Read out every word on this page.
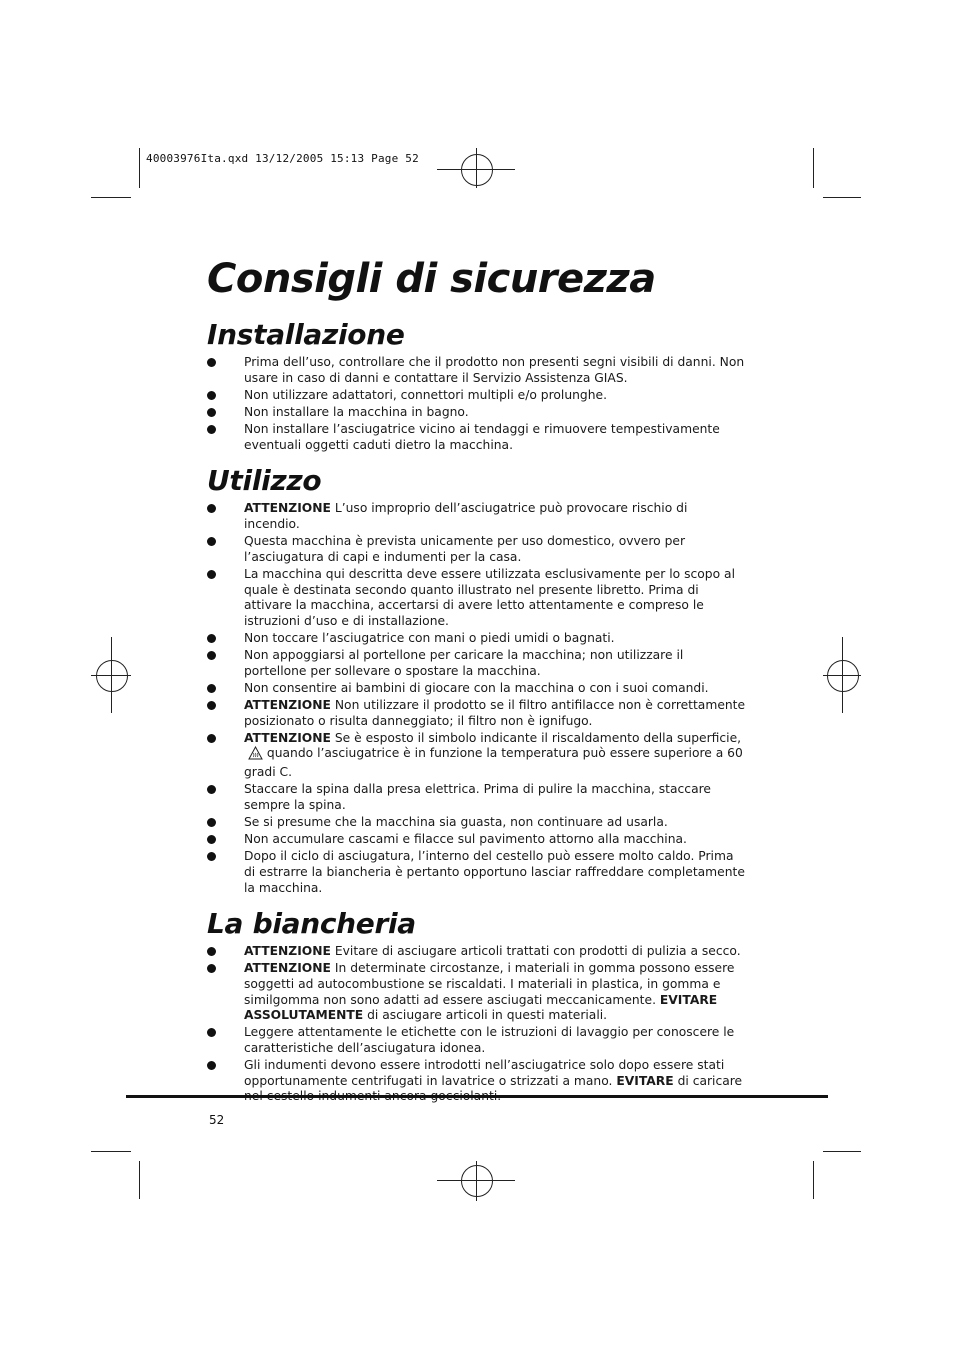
40003976Ita.qxd 13/12/2005 15:13 Page 52
Consigli di sicurezza
Installazione
Prima dell’uso, controllare che il prodotto non presenti segni visibili di danni. Non usare in caso di danni e contattare il Servizio Assistenza GIAS.
Non utilizzare adattatori, connettori multipli e/o prolunghe.
Non installare la macchina in bagno.
Non installare l’asciugatrice vicino ai tendaggi e rimuovere tempestivamente eventuali oggetti caduti dietro la macchina.
Utilizzo
ATTENZIONE L’uso improprio dell’asciugatrice può provocare rischio di incendio.
Questa macchina è prevista unicamente per uso domestico, ovvero per l’asciugatura di capi e indumenti per la casa.
La macchina qui descritta deve essere utilizzata esclusivamente per lo scopo al quale è destinata secondo quanto illustrato nel presente libretto. Prima di attivare la macchina, accertarsi di avere letto attentamente e compreso le istruzioni d’uso e di installazione.
Non toccare l’asciugatrice con mani o piedi umidi o bagnati.
Non appoggiarsi al portellone per caricare la macchina; non utilizzare il portellone per sollevare o spostare la macchina.
Non consentire ai bambini di giocare con la macchina o con i suoi comandi.
ATTENZIONE Non utilizzare il prodotto se il filtro antifilacce non è correttamente posizionato o risulta danneggiato; il filtro non è ignifugo.
ATTENZIONE Se è esposto il simbolo indicante il riscaldamento della superficie, quando l’asciugatrice è in funzione la temperatura può essere superiore a 60 gradi C.
Staccare la spina dalla presa elettrica. Prima di pulire la macchina, staccare sempre la spina.
Se si presume che la macchina sia guasta, non continuare ad usarla.
Non accumulare cascami e filacce sul pavimento attorno alla macchina.
Dopo il ciclo di asciugatura, l’interno del cestello può essere molto caldo. Prima di estrarre la biancheria è pertanto opportuno lasciar raffreddare completamente la macchina.
La biancheria
ATTENZIONE Evitare di asciugare articoli trattati con prodotti di pulizia a secco.
ATTENZIONE In determinate circostanze, i materiali in gomma possono essere soggetti ad autocombustione se riscaldati. I materiali in plastica, in gomma e similgomma non sono adatti ad essere asciugati meccanicamente. EVITARE ASSOLUTAMENTE di asciugare articoli in questi materiali.
Leggere attentamente le etichette con le istruzioni di lavaggio per conoscere le caratteristiche dell’asciugatura idonea.
Gli indumenti devono essere introdotti nell’asciugatrice solo dopo essere stati opportunamente centrifugati in lavatrice o strizzati a mano. EVITARE di caricare
52
